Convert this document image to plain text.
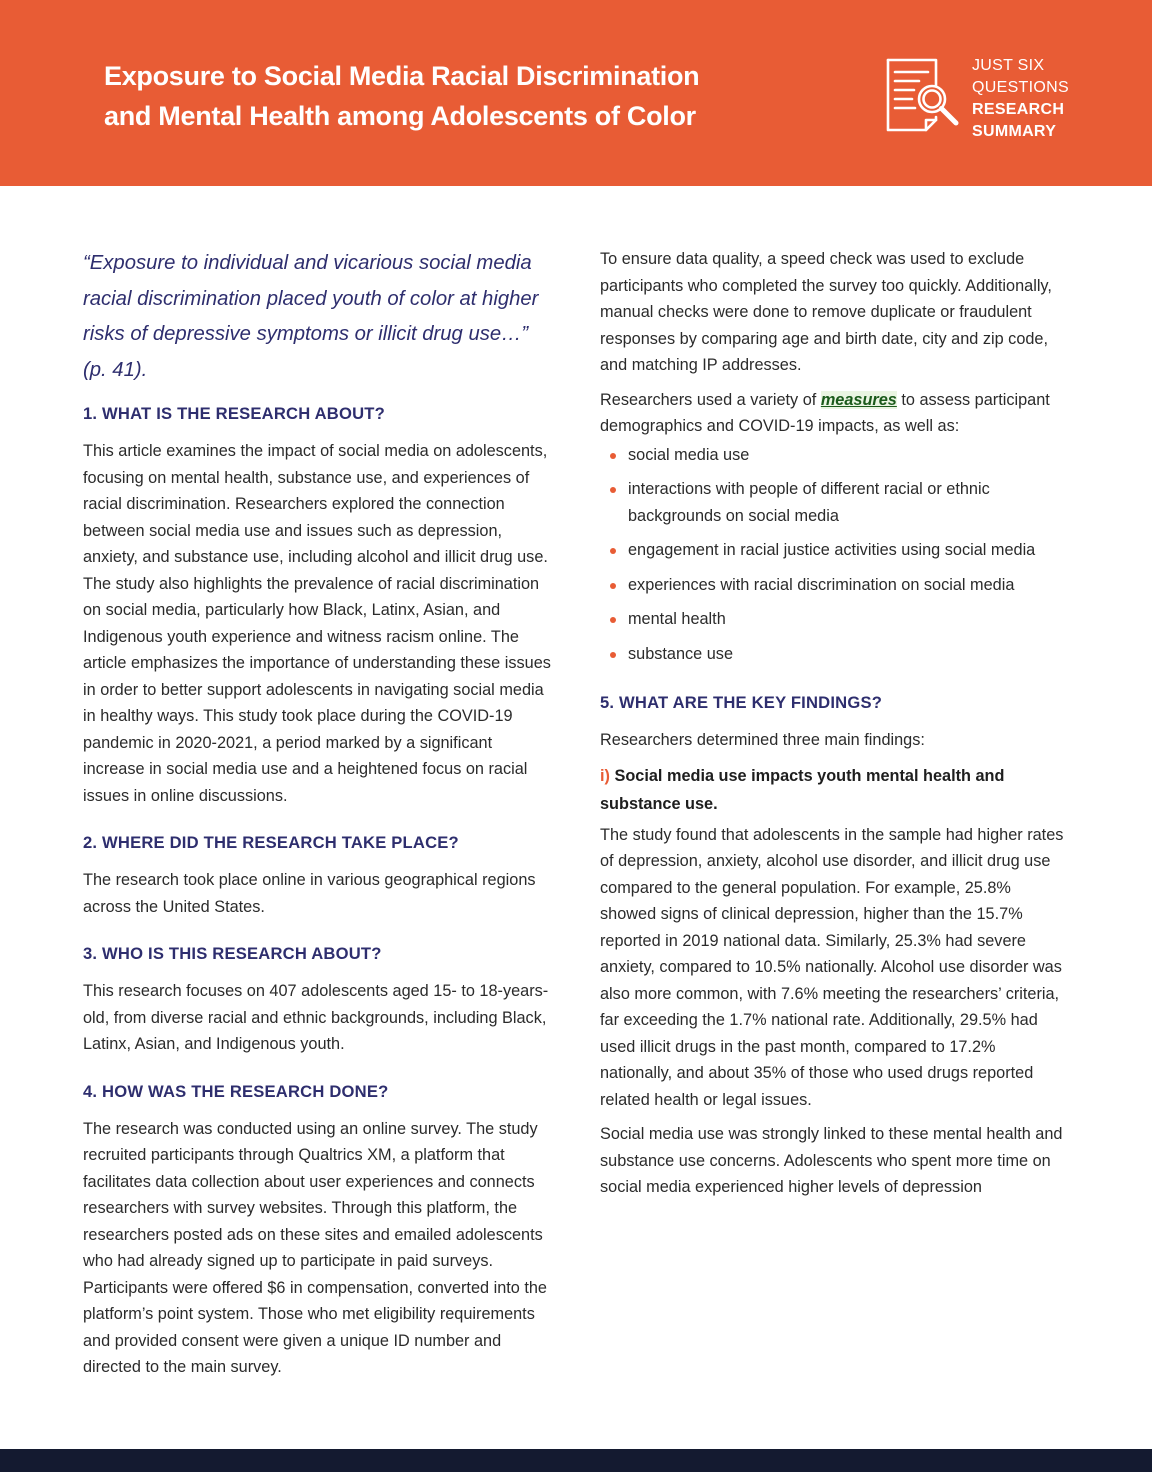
Exposure to Social Media Racial Discrimination
and Mental Health among Adolescents of Color
JUST SIX
QUESTIONS
RESEARCH
SUMMARY

“Exposure to individual and vicarious social media racial discrimination placed youth of color at higher risks of depressive symptoms or illicit drug use…” (p. 41).

1. WHAT IS THE RESEARCH ABOUT?

This article examines the impact of social media on adolescents, focusing on mental health, substance use, and experiences of racial discrimination. Researchers explored the connection between social media use and issues such as depression, anxiety, and substance use, including alcohol and illicit drug use. The study also highlights the prevalence of racial discrimination on social media, particularly how Black, Latinx, Asian, and Indigenous youth experience and witness racism online. The article emphasizes the importance of understanding these issues in order to better support adolescents in navigating social media in healthy ways. This study took place during the COVID-19 pandemic in 2020-2021, a period marked by a significant increase in social media use and a heightened focus on racial issues in online discussions.

2. WHERE DID THE RESEARCH TAKE PLACE?

The research took place online in various geographical regions across the United States.

3. WHO IS THIS RESEARCH ABOUT?

This research focuses on 407 adolescents aged 15- to 18-years-old, from diverse racial and ethnic backgrounds, including Black, Latinx, Asian, and Indigenous youth.

4. HOW WAS THE RESEARCH DONE?

The research was conducted using an online survey. The study recruited participants through Qualtrics XM, a platform that facilitates data collection about user experiences and connects researchers with survey websites. Through this platform, the researchers posted ads on these sites and emailed adolescents who had already signed up to participate in paid surveys. Participants were offered $6 in compensation, converted into the platform’s point system. Those who met eligibility requirements and provided consent were given a unique ID number and directed to the main survey.

To ensure data quality, a speed check was used to exclude participants who completed the survey too quickly. Additionally, manual checks were done to remove duplicate or fraudulent responses by comparing age and birth date, city and zip code, and matching IP addresses.

Researchers used a variety of measures to assess participant demographics and COVID-19 impacts, as well as:

social media use
interactions with people of different racial or ethnic backgrounds on social media
engagement in racial justice activities using social media
experiences with racial discrimination on social media
mental health
substance use
5. WHAT ARE THE KEY FINDINGS?

Researchers determined three main findings:

i) Social media use impacts youth mental health and substance use.

The study found that adolescents in the sample had higher rates of depression, anxiety, alcohol use disorder, and illicit drug use compared to the general population. For example, 25.8% showed signs of clinical depression, higher than the 15.7% reported in 2019 national data. Similarly, 25.3% had severe anxiety, compared to 10.5% nationally. Alcohol use disorder was also more common, with 7.6% meeting the researchers’ criteria, far exceeding the 1.7% national rate. Additionally, 29.5% had used illicit drugs in the past month, compared to 17.2% nationally, and about 35% of those who used drugs reported related health or legal issues.

Social media use was strongly linked to these mental health and substance use concerns. Adolescents who spent more time on social media experienced higher levels of depression
